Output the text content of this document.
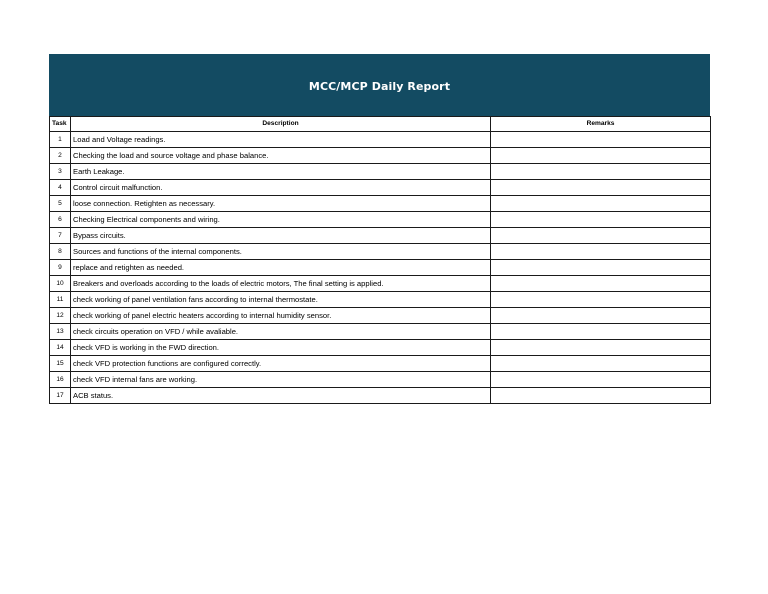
MCC/MCP Daily Report
Task	Description	Remarks
1	Load and Voltage readings.	
2	Checking the load and source voltage and phase balance.	
3	Earth Leakage.	
4	Control circuit malfunction.	
5	loose connection. Retighten as necessary.	
6	Checking Electrical components and wiring.	
7	Bypass circuits.	
8	Sources and functions of the internal components.	
9	replace and retighten as needed.	
10	Breakers and overloads according to the loads of electric motors, The final setting is applied.	
11	check working of panel ventilation fans according to internal thermostate.	
12	check working of panel electric heaters according to internal humidity sensor.	
13	check circuits operation on VFD / while avaliable.	
14	check VFD is working in the FWD direction.	
15	check VFD protection functions are configured correctly.	
16	check VFD internal fans are working.	
17	ACB status.	
